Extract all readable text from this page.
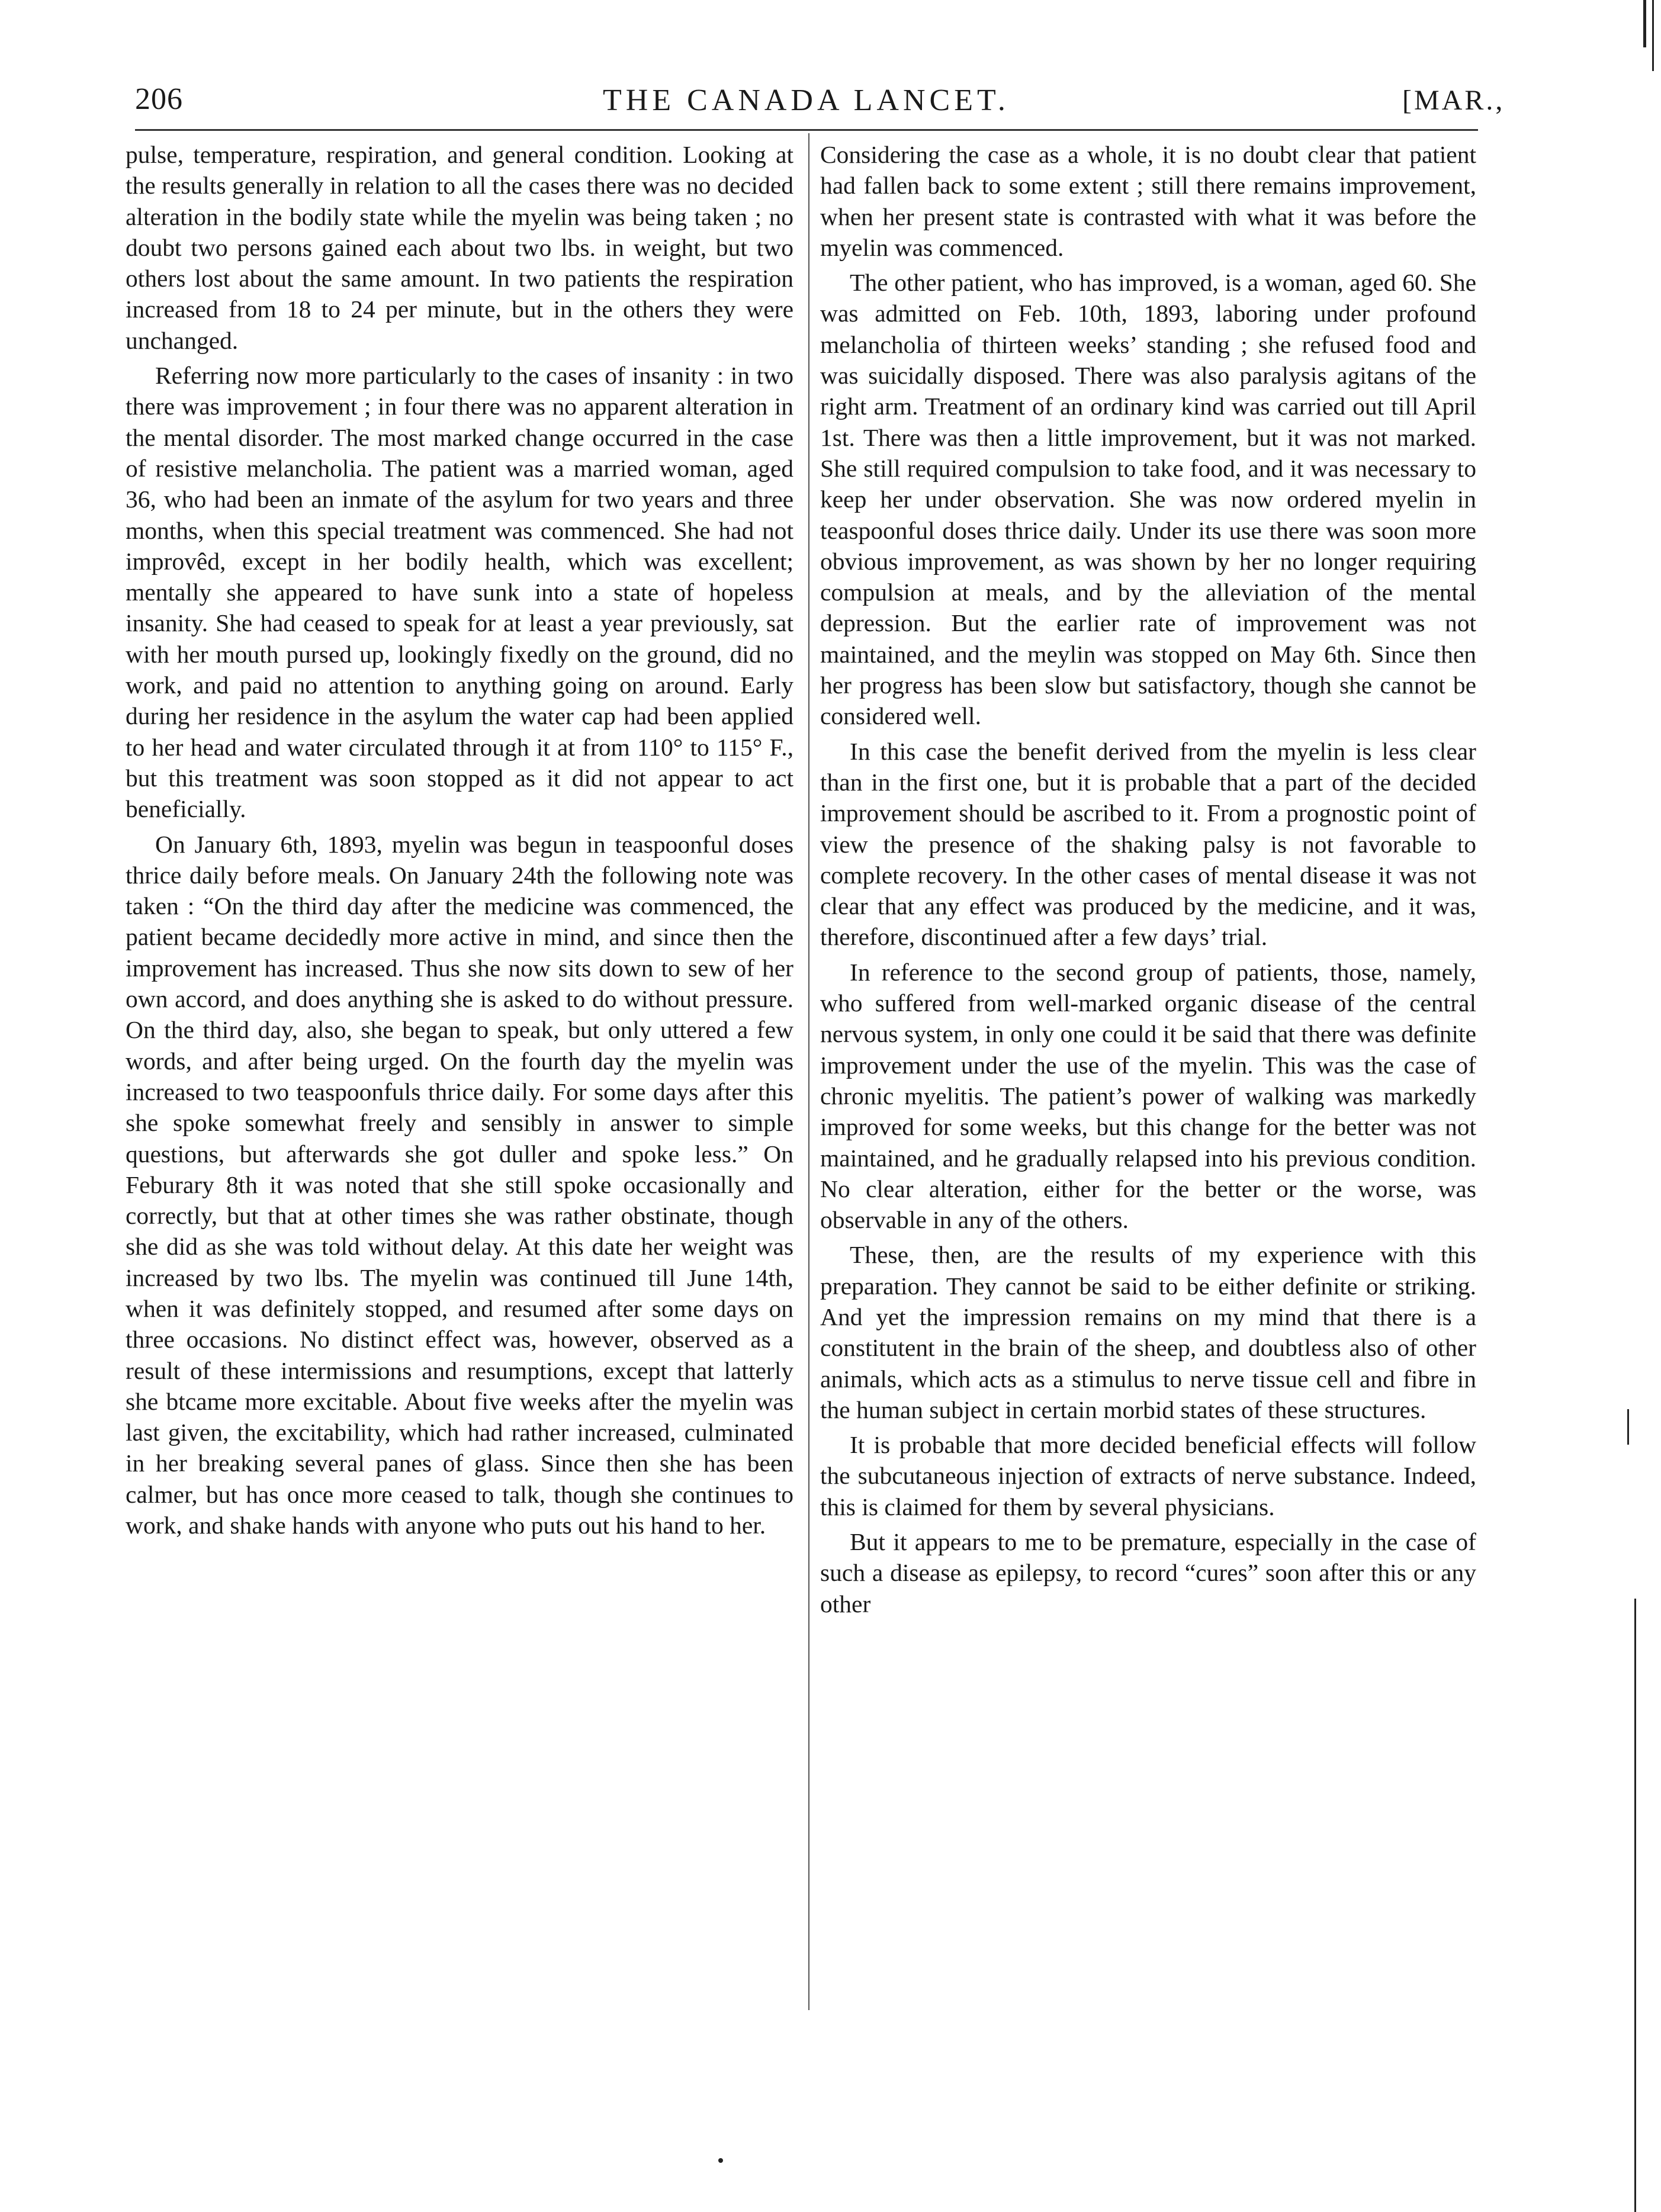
206	THE CANADA LANCET.	[MAR.,

pulse, temperature, respiration, and general condition. Looking at the results generally in relation to all the cases there was no decided alteration in the bodily state while the myelin was being taken ; no doubt two persons gained each about two lbs. in weight, but two others lost about the same amount. In two patients the respiration increased from 18 to 24 per minute, but in the others they were unchanged.

Referring now more particularly to the cases of insanity : in two there was improvement ; in four there was no apparent alteration in the mental disorder. The most marked change occurred in the case of resistive melancholia. The patient was a married woman, aged 36, who had been an inmate of the asylum for two years and three months, when this special treatment was commenced. She had not improvêd, except in her bodily health, which was excellent; mentally she appeared to have sunk into a state of hopeless insanity. She had ceased to speak for at least a year previously, sat with her mouth pursed up, lookingly fixedly on the ground, did no work, and paid no attention to anything going on around. Early during her residence in the asylum the water cap had been applied to her head and water circulated through it at from 110° to 115° F., but this treatment was soon stopped as it did not appear to act beneficially.

On January 6th, 1893, myelin was begun in teaspoonful doses thrice daily before meals. On January 24th the following note was taken : “On the third day after the medicine was commenced, the patient became decidedly more active in mind, and since then the improvement has increased. Thus she now sits down to sew of her own accord, and does anything she is asked to do without pressure. On the third day, also, she began to speak, but only uttered a few words, and after being urged. On the fourth day the myelin was increased to two teaspoonfuls thrice daily. For some days after this she spoke somewhat freely and sensibly in answer to simple questions, but afterwards she got duller and spoke less.” On Feburary 8th it was noted that she still spoke occasionally and correctly, but that at other times she was rather obstinate, though she did as she was told without delay. At this date her weight was increased by two lbs. The myelin was continued till June 14th, when it was definitely stopped, and resumed after some days on three occasions. No distinct effect was, however, observed as a result of these intermissions and resumptions, except that latterly she btcame more excitable. About five weeks after the myelin was last given, the excitability, which had rather increased, culminated in her breaking several panes of glass. Since then she has been calmer, but has once more ceased to talk, though she continues to work, and shake hands with anyone who puts out his hand to her.

Considering the case as a whole, it is no doubt clear that patient had fallen back to some extent ; still there remains improvement, when her present state is contrasted with what it was before the myelin was commenced.

The other patient, who has improved, is a woman, aged 60. She was admitted on Feb. 10th, 1893, laboring under profound melancholia of thirteen weeks’ standing ; she refused food and was suicidally disposed. There was also paralysis agitans of the right arm. Treatment of an ordinary kind was carried out till April 1st. There was then a little improvement, but it was not marked. She still required compulsion to take food, and it was necessary to keep her under observation. She was now ordered myelin in teaspoonful doses thrice daily. Under its use there was soon more obvious improvement, as was shown by her no longer requiring compulsion at meals, and by the alleviation of the mental depression. But the earlier rate of improvement was not maintained, and the meylin was stopped on May 6th. Since then her progress has been slow but satisfactory, though she cannot be considered well.

In this case the benefit derived from the myelin is less clear than in the first one, but it is probable that a part of the decided improvement should be ascribed to it. From a prognostic point of view the presence of the shaking palsy is not favorable to complete recovery. In the other cases of mental disease it was not clear that any effect was produced by the medicine, and it was, therefore, discontinued after a few days’ trial.

In reference to the second group of patients, those, namely, who suffered from well-marked organic disease of the central nervous system, in only one could it be said that there was definite improvement under the use of the myelin. This was the case of chronic myelitis. The patient’s power of walking was markedly improved for some weeks, but this change for the better was not maintained, and he gradually relapsed into his previous condition. No clear alteration, either for the better or the worse, was observable in any of the others.

These, then, are the results of my experience with this preparation. They cannot be said to be either definite or striking. And yet the impression remains on my mind that there is a constitutent in the brain of the sheep, and doubtless also of other animals, which acts as a stimulus to nerve tissue cell and fibre in the human subject in certain morbid states of these structures.

It is probable that more decided beneficial effects will follow the subcutaneous injection of extracts of nerve substance. Indeed, this is claimed for them by several physicians.

But it appears to me to be premature, especially in the case of such a disease as epilepsy, to record “cures” soon after this or any other
